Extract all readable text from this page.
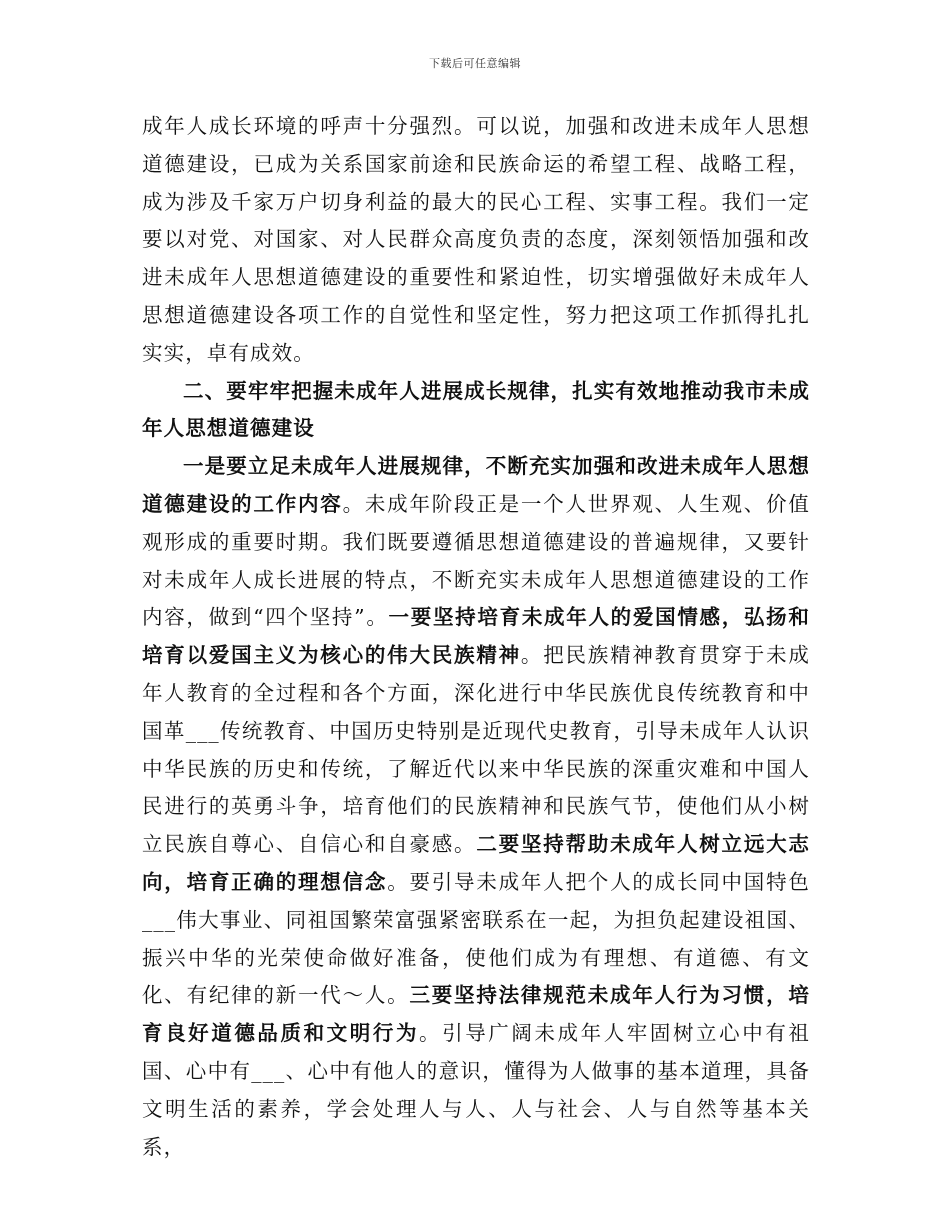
下载后可任意编辑

成年人成长环境的呼声十分强烈。可以说，加强和改进未成年人思想道德建设，已成为关系国家前途和民族命运的希望工程、战略工程，成为涉及千家万户切身利益的最大的民心工程、实事工程。我们一定要以对党、对国家、对人民群众高度负责的态度，深刻领悟加强和改进未成年人思想道德建设的重要性和紧迫性，切实增强做好未成年人思想道德建设各项工作的自觉性和坚定性，努力把这项工作抓得扎扎实实，卓有成效。

二、要牢牢把握未成年人进展成长规律，扎实有效地推动我市未成年人思想道德建设

一是要立足未成年人进展规律，不断充实加强和改进未成年人思想道德建设的工作内容。未成年阶段正是一个人世界观、人生观、价值观形成的重要时期。我们既要遵循思想道德建设的普遍规律，又要针对未成年人成长进展的特点，不断充实未成年人思想道德建设的工作内容，做到“四个坚持”。一要坚持培育未成年人的爱国情感，弘扬和培育以爱国主义为核心的伟大民族精神。把民族精神教育贯穿于未成年人教育的全过程和各个方面，深化进行中华民族优良传统教育和中国革___传统教育、中国历史特别是近现代史教育，引导未成年人认识中华民族的历史和传统，了解近代以来中华民族的深重灾难和中国人民进行的英勇斗争，培育他们的民族精神和民族气节，使他们从小树立民族自尊心、自信心和自豪感。二要坚持帮助未成年人树立远大志向，培育正确的理想信念。要引导未成年人把个人的成长同中国特色___伟大事业、同祖国繁荣富强紧密联系在一起，为担负起建设祖国、振兴中华的光荣使命做好准备，使他们成为有理想、有道德、有文化、有纪律的新一代～人。三要坚持法律规范未成年人行为习惯，培育良好道德品质和文明行为。引导广阔未成年人牢固树立心中有祖国、心中有___、心中有他人的意识，懂得为人做事的基本道理，具备文明生活的素养，学会处理人与人、人与社会、人与自然等基本关系，
